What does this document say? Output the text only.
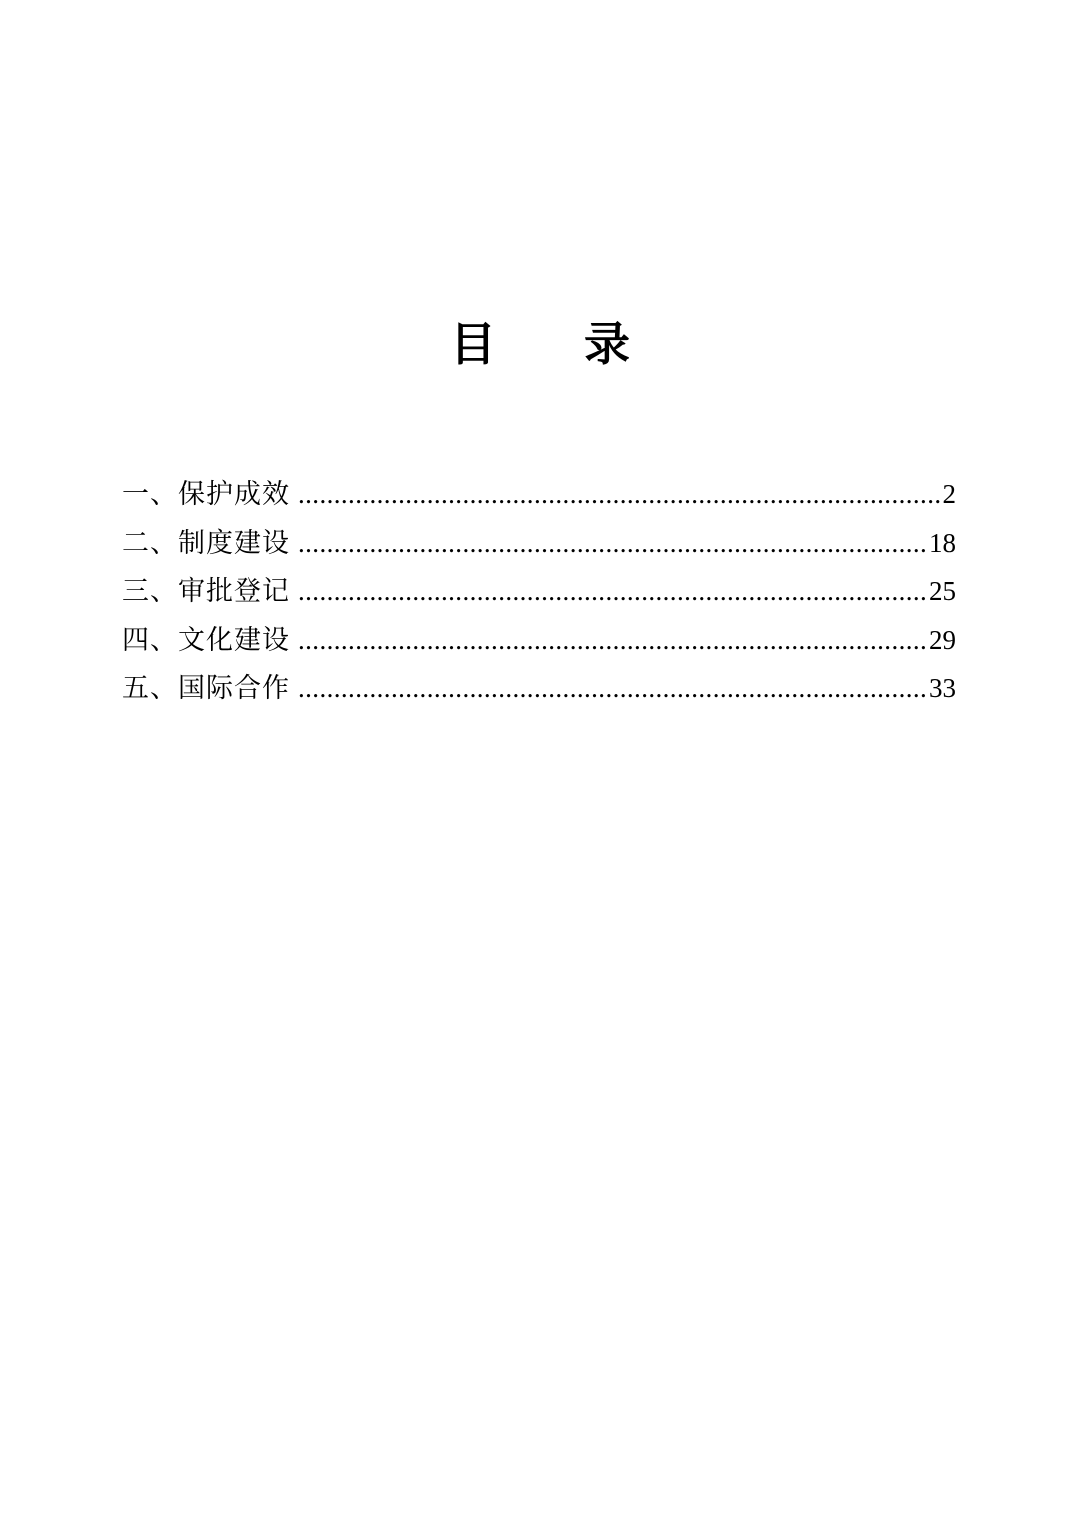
目 录
一、保护成效 .....	2
二、制度建设 .....	18
三、审批登记 .....	25
四、文化建设 .....	29
五、国际合作 .....	33
